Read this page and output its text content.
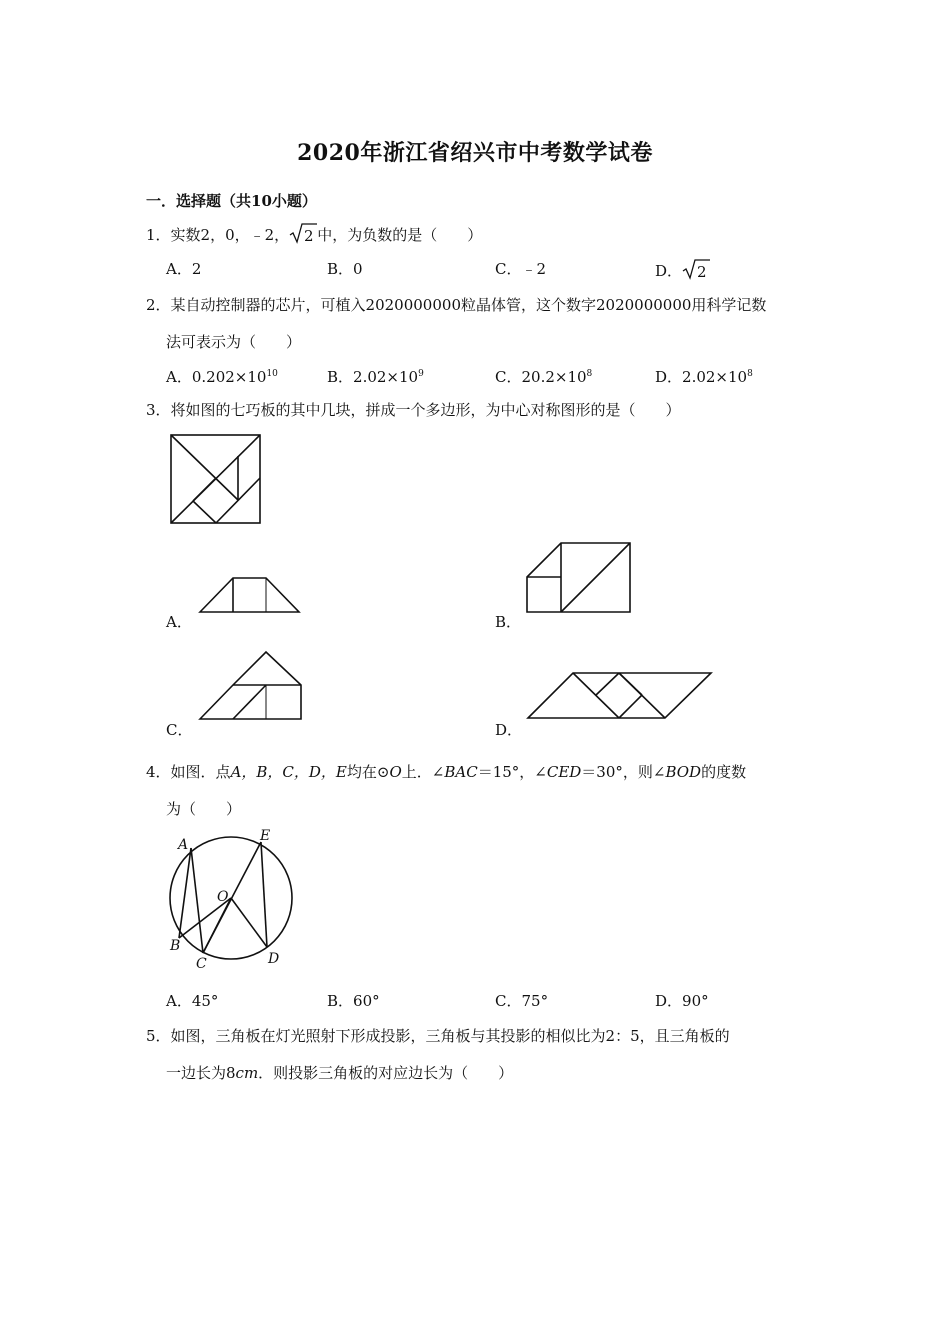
2020年浙江省绍兴市中考数学试卷
一．选择题（共10小题）
1．实数2，0，﹣2， 2 中，为负数的是（　　）
A．2	B．0	C．﹣2	D． 2
2．某自动控制器的芯片，可植入2020000000粒晶体管，这个数字2020000000用科学记数
法可表示为（　　）
A．$0.202\times 10^{10}$	B．$2.02\times 10^9$	C．$20.2\times 10^8$	D．$2.02\times 10^8$
3．将如图的七巧板的其中几块，拼成一个多边形，为中心对称图形的是（　　）
A．	B．
C．	D．
4．如图．点A，B，C，D，E均在⊙O上．∠BAC＝15°，∠CED＝30°，则∠BOD的度数
为（　　）
A
E
O
B
C	D
A．45°	B．60°	C．75°	D．90°
5．如图，三角板在灯光照射下形成投影，三角板与其投影的相似比为2：5，且三角板的
一边长为8cm．则投影三角板的对应边长为（　　）
